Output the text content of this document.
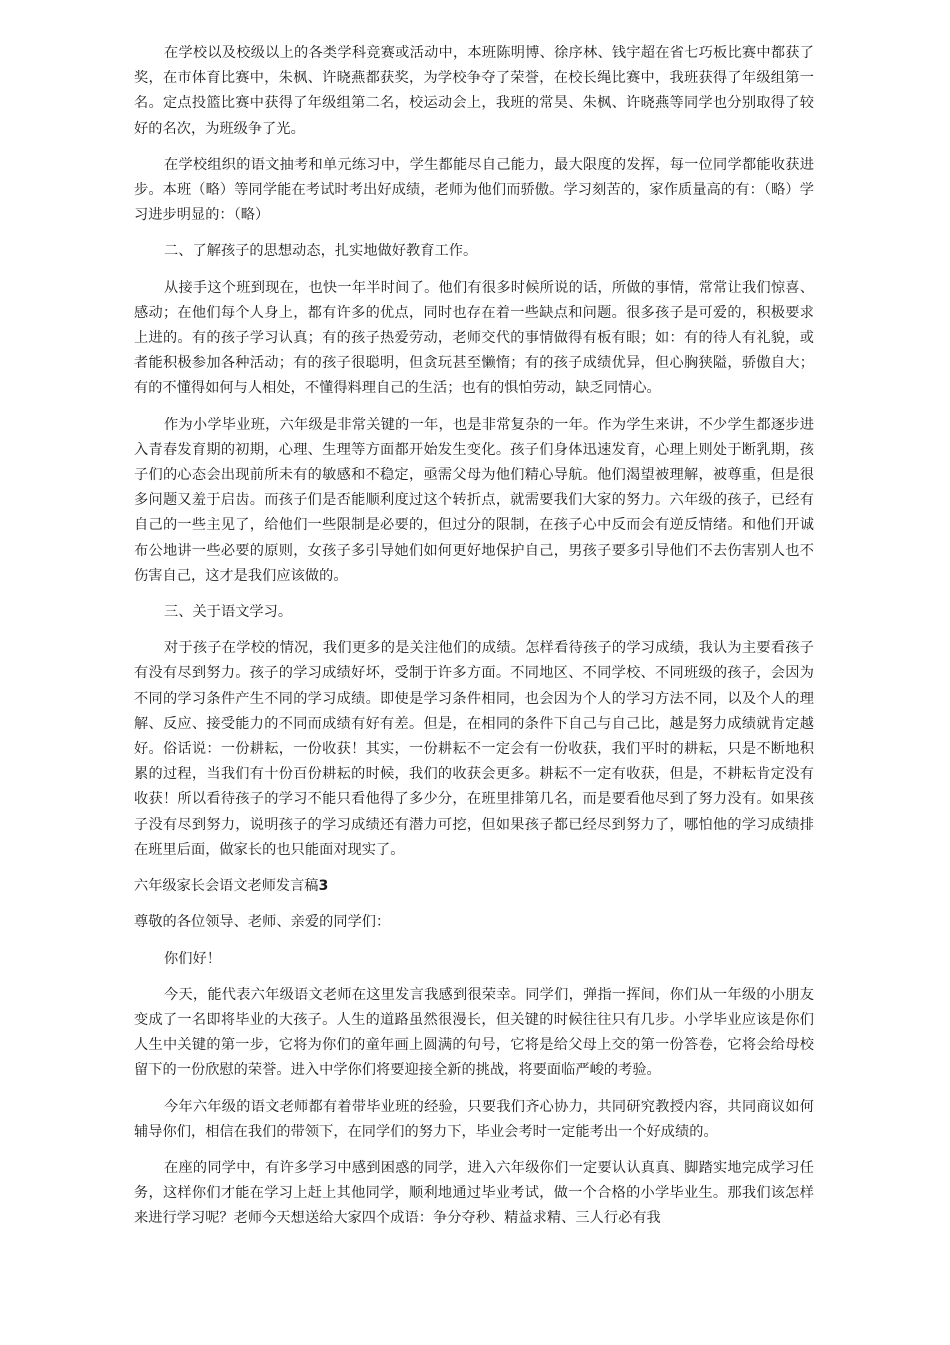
在学校以及校级以上的各类学科竞赛或活动中，本班陈明博、徐序林、钱宇超在省七巧板比赛中都获了奖，在市体育比赛中，朱枫、许晓燕都获奖，为学校争夺了荣誉，在校长绳比赛中，我班获得了年级组第一名。定点投篮比赛中获得了年级组第二名，校运动会上，我班的常昊、朱枫、许晓燕等同学也分别取得了较好的名次，为班级争了光。

在学校组织的语文抽考和单元练习中，学生都能尽自己能力，最大限度的发挥，每一位同学都能收获进步。本班（略）等同学能在考试时考出好成绩，老师为他们而骄傲。学习刻苦的，家作质量高的有：（略）学习进步明显的：（略）

二、了解孩子的思想动态，扎实地做好教育工作。

从接手这个班到现在，也快一年半时间了。他们有很多时候所说的话，所做的事情，常常让我们惊喜、感动；在他们每个人身上，都有许多的优点，同时也存在着一些缺点和问题。很多孩子是可爱的，积极要求上进的。有的孩子学习认真；有的孩子热爱劳动，老师交代的事情做得有板有眼；如：有的待人有礼貌，或者能积极参加各种活动；有的孩子很聪明，但贪玩甚至懒惰；有的孩子成绩优异，但心胸狭隘，骄傲自大；有的不懂得如何与人相处，不懂得料理自己的生活；也有的惧怕劳动，缺乏同情心。

作为小学毕业班，六年级是非常关键的一年，也是非常复杂的一年。作为学生来讲，不少学生都逐步进入青春发育期的初期，心理、生理等方面都开始发生变化。孩子们身体迅速发育，心理上则处于断乳期，孩子们的心态会出现前所未有的敏感和不稳定，亟需父母为他们精心导航。他们渴望被理解，被尊重，但是很多问题又羞于启齿。而孩子们是否能顺利度过这个转折点，就需要我们大家的努力。六年级的孩子，已经有自己的一些主见了，给他们一些限制是必要的，但过分的限制，在孩子心中反而会有逆反情绪。和他们开诚布公地讲一些必要的原则，女孩子多引导她们如何更好地保护自己，男孩子要多引导他们不去伤害别人也不伤害自己，这才是我们应该做的。

三、关于语文学习。

对于孩子在学校的情况，我们更多的是关注他们的成绩。怎样看待孩子的学习成绩，我认为主要看孩子有没有尽到努力。孩子的学习成绩好坏，受制于许多方面。不同地区、不同学校、不同班级的孩子，会因为不同的学习条件产生不同的学习成绩。即使是学习条件相同，也会因为个人的学习方法不同，以及个人的理解、反应、接受能力的不同而成绩有好有差。但是，在相同的条件下自己与自己比，越是努力成绩就肯定越好。俗话说：一份耕耘，一份收获！其实，一份耕耘不一定会有一份收获，我们平时的耕耘，只是不断地积累的过程，当我们有十份百份耕耘的时候，我们的收获会更多。耕耘不一定有收获，但是，不耕耘肯定没有收获！所以看待孩子的学习不能只看他得了多少分，在班里排第几名，而是要看他尽到了努力没有。如果孩子没有尽到努力，说明孩子的学习成绩还有潜力可挖，但如果孩子都已经尽到努力了，哪怕他的学习成绩排在班里后面，做家长的也只能面对现实了。

六年级家长会语文老师发言稿3

尊敬的各位领导、老师、亲爱的同学们：

你们好！

今天，能代表六年级语文老师在这里发言我感到很荣幸。同学们，弹指一挥间，你们从一年级的小朋友变成了一名即将毕业的大孩子。人生的道路虽然很漫长，但关键的时候往往只有几步。小学毕业应该是你们人生中关键的第一步，它将为你们的童年画上圆满的句号，它将是给父母上交的第一份答卷，它将会给母校留下的一份欣慰的荣誉。进入中学你们将要迎接全新的挑战，将要面临严峻的考验。

今年六年级的语文老师都有着带毕业班的经验，只要我们齐心协力，共同研究教授内容，共同商议如何辅导你们，相信在我们的带领下，在同学们的努力下，毕业会考时一定能考出一个好成绩的。

在座的同学中，有许多学习中感到困惑的同学，进入六年级你们一定要认认真真、脚踏实地完成学习任务，这样你们才能在学习上赶上其他同学，顺利地通过毕业考试，做一个合格的小学毕业生。那我们该怎样来进行学习呢？老师今天想送给大家四个成语：争分夺秒、精益求精、三人行必有我
